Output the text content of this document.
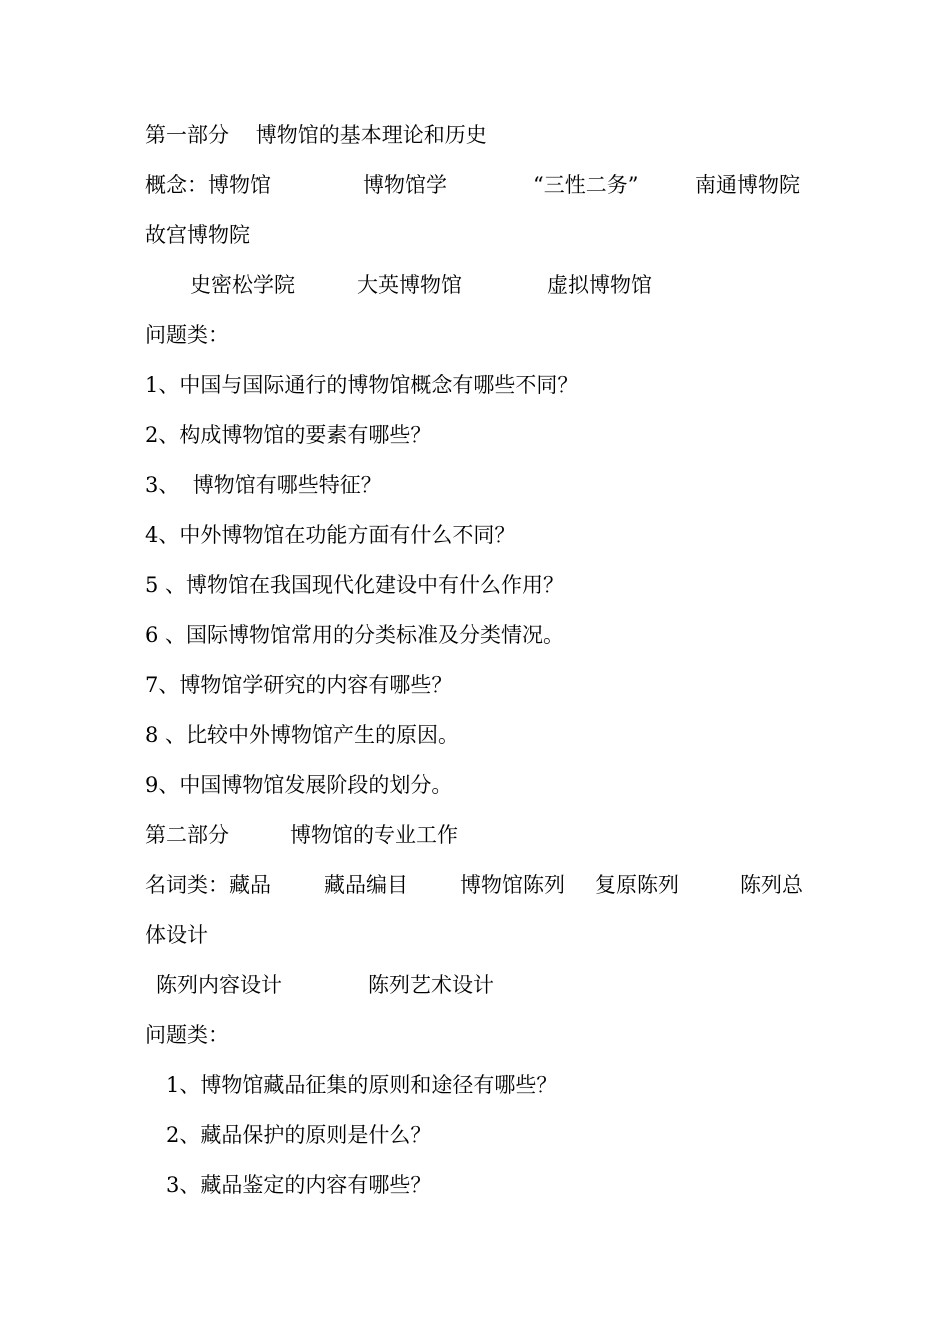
第一部分    博物馆的基本理论和历史

概念：博物馆

	博物馆学

	“三性二务”

	南通博物院

故宫博物院

史密松学院

	大英博物馆

	虚拟博物馆

问题类：
1、中国与国际通行的博物馆概念有哪些不同？
2、构成博物馆的要素有哪些？
3、  博物馆有哪些特征？
4、中外博物馆在功能方面有什么不同？
5 、博物馆在我国现代化建设中有什么作用？
6 、国际博物馆常用的分类标准及分类情况。
7、博物馆学研究的内容有哪些？
8 、比较中外博物馆产生的原因。
9、中国博物馆发展阶段的划分。

第二部分

	博物馆的专业工作

名词类：藏品

	藏品编目

博物馆陈列

复原陈列

	陈列总

体设计

陈列内容设计

	陈列艺术设计

问题类：
1、博物馆藏品征集的原则和途径有哪些？
2、藏品保护的原则是什么？
3、藏品鉴定的内容有哪些？
